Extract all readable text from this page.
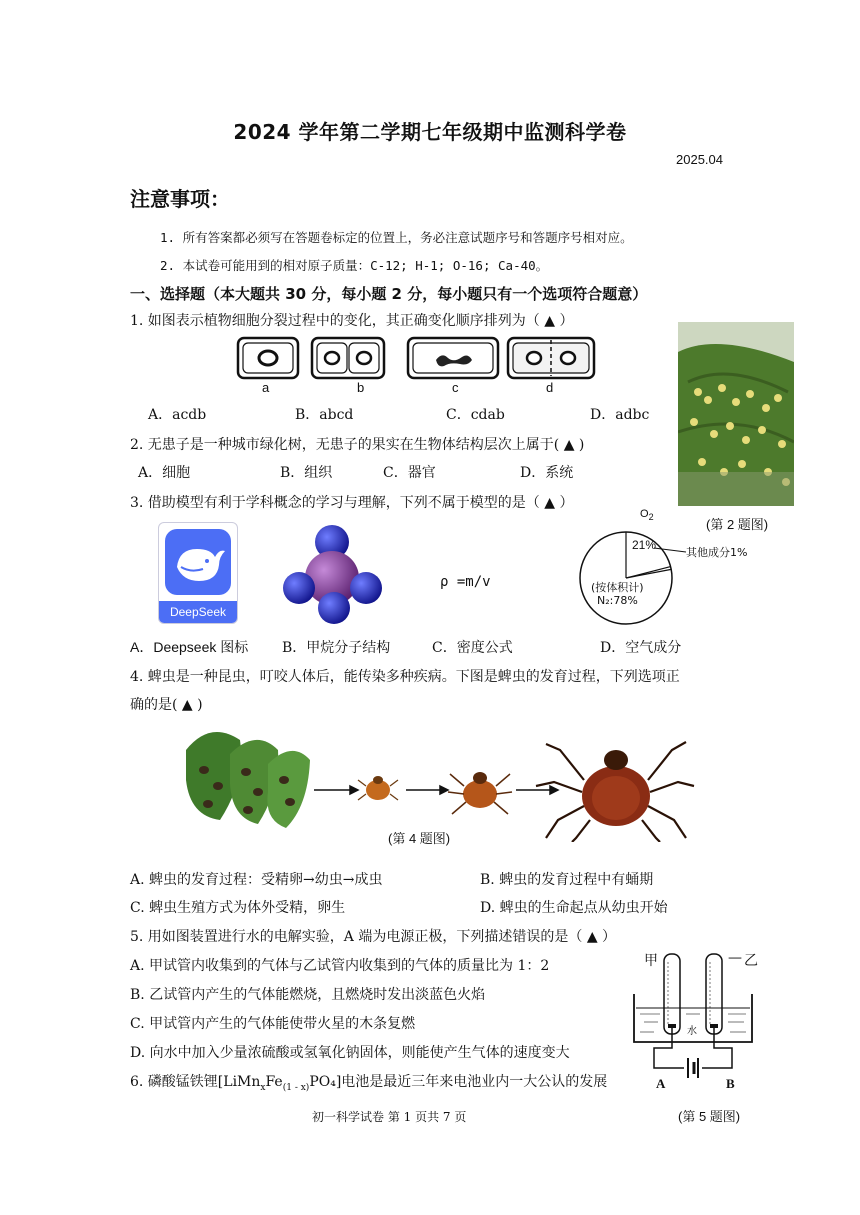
2024 学年第二学期七年级期中监测科学卷
2025.04
注意事项：
1. 所有答案都必须写在答题卷标定的位置上，务必注意试题序号和答题序号相对应。
2. 本试卷可能用到的相对原子质量：C-12; H-1; O-16; Ca-40。
一、选择题（本大题共 30 分，每小题 2 分，每小题只有一个选项符合题意）
1. 如图表示植物细胞分裂过程中的变化，其正确变化顺序排列为（ ▲ ）
a	b	c	d
A．acdb	B．abcd	C．cdab	D．adbc
(第 2 题图)
2. 无患子是一种城市绿化树，无患子的果实在生物体结构层次上属于( ▲ )
A．细胞	B．组织	C．器官	D．系统
3. 借助模型有利于学科概念的学习与理解，下列不属于模型的是（ ▲ ）
DeepSeek
ρ =m/v
$O_2$
21%
其他成分1%
(按体积计)
N₂:78%
A．Deepseek 图标 B．甲烷分子结构	C．密度公式	D．空气成分
4. 蜱虫是一种昆虫，叮咬人体后，能传染多种疾病。下图是蜱虫的发育过程，下列选项正
确的是( ▲ )
(第 4 题图)
A. 蜱虫的发育过程：受精卵→幼虫→成虫	B. 蜱虫的发育过程中有蛹期
C. 蜱虫生殖方式为体外受精，卵生	D. 蜱虫的生命起点从幼虫开始
5. 用如图装置进行水的电解实验，A 端为电源正极，下列描述错误的是（ ▲ ）
A. 甲试管内收集到的气体与乙试管内收集到的气体的质量比为 1：2
B. 乙试管内产生的气体能燃烧，且燃烧时发出淡蓝色火焰
C. 甲试管内产生的气体能使带火星的木条复燃
D. 向水中加入少量浓硫酸或氢氧化钠固体，则能使产生气体的速度变大
甲	— 乙
水
A	B
(第 5 题图)
6. 磷酸锰铁锂$[LiMn_xFe_{(1 - x)}PO_4]$电池是最近三年来电池业内一大公认的发展
初一科学试卷 第 1 页共 7 页
